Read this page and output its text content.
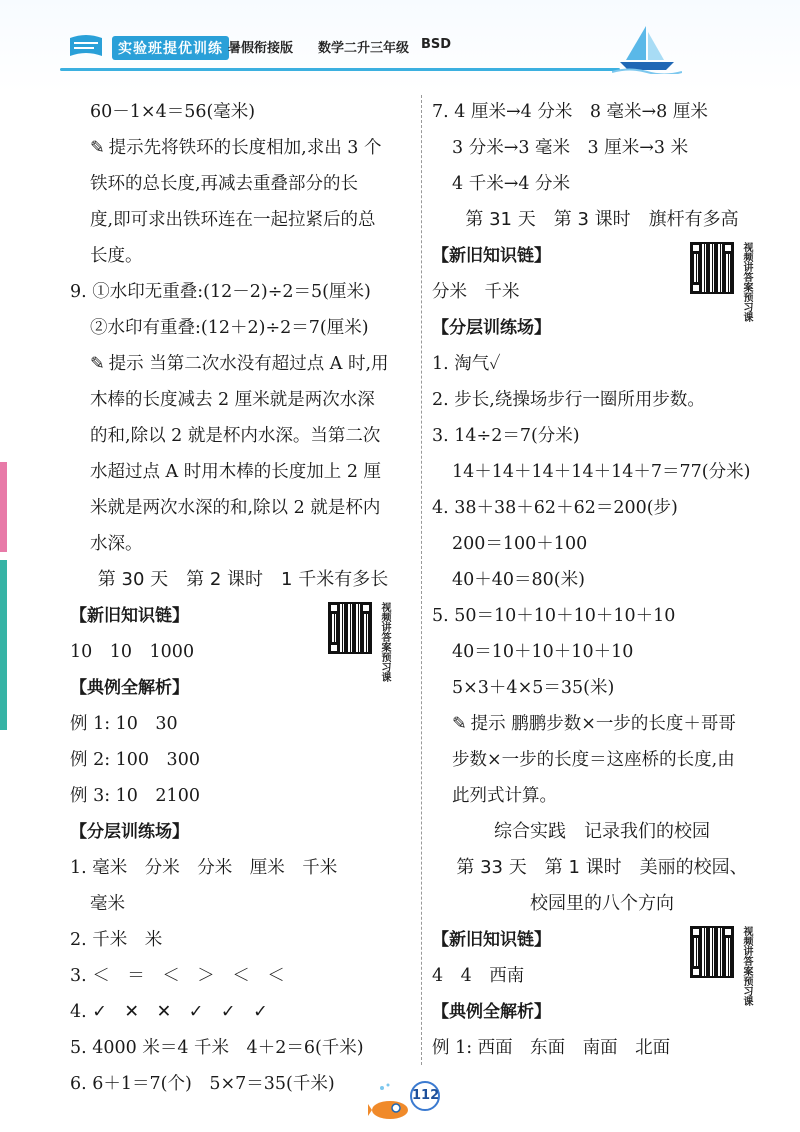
实验班提优训练 暑假衔接版 数学二升三年级 BSD
60－1×4＝56(毫米)
✎ 提示先将铁环的长度相加,求出 3 个
铁环的总长度,再减去重叠部分的长
度,即可求出铁环连在一起拉紧后的总
长度。
9. ①水印无重叠:(12－2)÷2＝5(厘米)
②水印有重叠:(12＋2)÷2＝7(厘米)
✎ 提示 当第二次水没有超过点 A 时,用
木棒的长度减去 2 厘米就是两次水深
的和,除以 2 就是杯内水深。当第二次
水超过点 A 时用木棒的长度加上 2 厘
米就是两次水深的和,除以 2 就是杯内
水深。
第 30 天　第 2 课时　1 千米有多长
【新旧知识链】	视频讲答案预习课
10　10　1000
【典例全解析】
例 1: 10　30
例 2: 100　300
例 3: 10　2100
【分层训练场】
1. 毫米　分米　分米　厘米　千米
毫米
2. 千米　米
3. ＜　＝　＜　＞　＜　＜
4. ✓　✕　✕　✓　✓　✓
5. 4000 米＝4 千米　4＋2＝6(千米)
6. 6＋1＝7(个)　5×7＝35(千米)
7. 4 厘米→4 分米　8 毫米→8 厘米
3 分米→3 毫米　3 厘米→3 米
4 千米→4 分米
第 31 天　第 3 课时　旗杆有多高
【新旧知识链】	视频讲答案预习课
分米　千米
【分层训练场】
1. 淘气✓
2. 步长,绕操场步行一圈所用步数。
3. 14÷2＝7(分米)
14＋14＋14＋14＋14＋7＝77(分米)
4. 38＋38＋62＋62＝200(步)
200＝100＋100
40＋40＝80(米)
5. 50＝10＋10＋10＋10＋10
40＝10＋10＋10＋10
5×3＋4×5＝35(米)
✎ 提示 鹏鹏步数×一步的长度＋哥哥
步数×一步的长度＝这座桥的长度,由
此列式计算。
综合实践　记录我们的校园
第 33 天　第 1 课时　美丽的校园、
校园里的八个方向
【新旧知识链】	视频讲答案预习课
4　4　西南
【典例全解析】
例 1: 西面　东面　南面　北面
112
